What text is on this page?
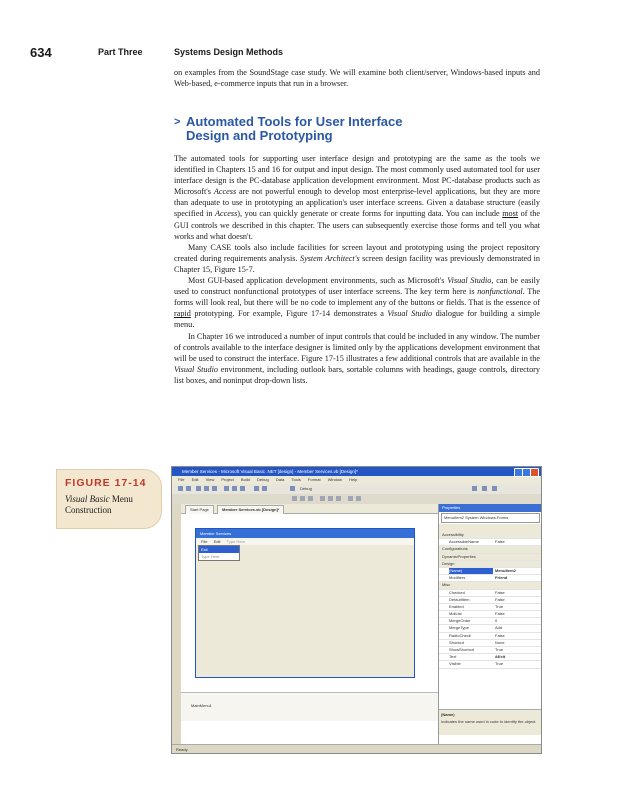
634	Part Three	Systems Design Methods
on examples from the SoundStage case study. We will examine both client/server, Windows-based inputs and Web-based, e-commerce inputs that run in a browser.
> Automated Tools for User Interface
Design and Prototyping

The automated tools for supporting user interface design and prototyping are the same as the tools we identified in Chapters 15 and 16 for output and input design. The most commonly used automated tool for user interface design is the PC-database application development environment. Most PC-database products such as Microsoft's Access are not powerful enough to develop most enterprise-level applications, but they are more than adequate to use in prototyping an application's user interface screens. Given a database structure (easily specified in Access), you can quickly generate or create forms for inputting data. You can include most of the GUI controls we described in this chapter. The users can subsequently exercise those forms and tell you what works and what doesn't.

Many CASE tools also include facilities for screen layout and prototyping using the project repository created during requirements analysis. System Architect's screen design facility was previously demonstrated in Chapter 15, Figure 15-7.

Most GUI-based application development environments, such as Microsoft's Visual Studio, can be easily used to construct nonfunctional prototypes of user interface screens. The key term here is nonfunctional. The forms will look real, but there will be no code to implement any of the buttons or fields. That is the essence of rapid prototyping. For example, Figure 17-14 demonstrates a Visual Studio dialogue for building a simple menu.

In Chapter 16 we introduced a number of input controls that could be included in any window. The number of controls available to the interface designer is limited only by the applications development environment that will be used to construct the interface. Figure 17-15 illustrates a few additional controls that are available in the Visual Studio environment, including outlook bars, sortable columns with headings, gauge controls, directory list boxes, and noninput drop-down lists.

FIGURE 17-14
Visual Basic Menu Construction
Member Services - Microsoft Visual Basic .NET [design] - Member Services.vb [Design]*
File Edit View Project Build Debug Data Tools Format Window Help
Debug
Start Page	Member Services.vb [Design]*
Member Services
File Edit Type Here
Exit
Type Here
MainMenu1
Properties
MenuItem2 System.Windows.Forms
Accessibility
AccessibleName	False
Configurations
DynamicProperties
Design
(Name)	MenuItem2
Modifiers	Friend
Misc
Checked	False
DefaultItem	False
Enabled	True
MdiList	False
MergeOrder	0
MergeType	Add
RadioCheck	False
Shortcut	None
ShowShortcut	True
Text	&Exit
Visible	True
(Name)
Indicates the name used in code to identify the object.
Ready
